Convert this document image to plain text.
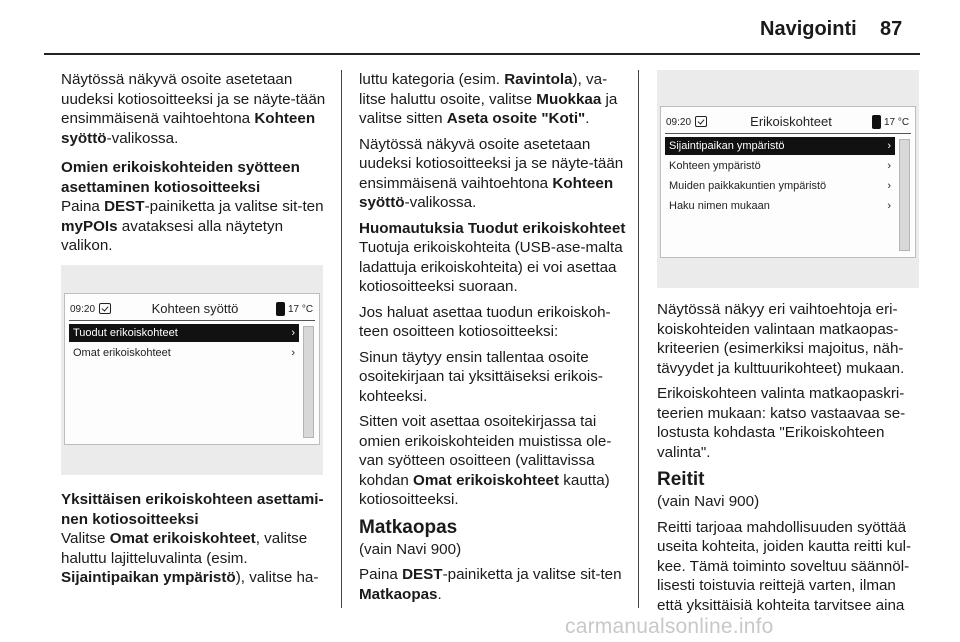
Navigointi 87

Näytössä näkyvä osoite asetetaan uudeksi kotiosoitteeksi ja se näyte-tään ensimmäisenä vaihtoehtona Kohteen syöttö-valikossa.

Omien erikoiskohteiden syötteen asettaminen kotiosoitteeksi

Paina DEST-painiketta ja valitse sit-ten myPOIs avataksesi alla näytetyn valikon.

09:20	Kohteen syöttö	17 °C
Tuodut erikoiskohteet	›
Omat erikoiskohteet	›

Yksittäisen erikoiskohteen asettami-nen kotiosoitteeksi

Valitse Omat erikoiskohteet, valitse haluttu lajitteluvalinta (esim. Sijaintipaikan ympäristö), valitse ha-

luttu kategoria (esim. Ravintola), va-litse haluttu osoite, valitse Muokkaa ja valitse sitten Aseta osoite "Koti".

Näytössä näkyvä osoite asetetaan uudeksi kotiosoitteeksi ja se näyte-tään ensimmäisenä vaihtoehtona Kohteen syöttö-valikossa.

Huomautuksia Tuodut erikoiskohteet

Tuotuja erikoiskohteita (USB-ase-malta ladattuja erikoiskohteita) ei voi asettaa kotiosoitteeksi suoraan.

Jos haluat asettaa tuodun erikoiskoh-teen osoitteen kotiosoitteeksi:

Sinun täytyy ensin tallentaa osoite osoitekirjaan tai yksittäiseksi erikois-kohteeksi.

Sitten voit asettaa osoitekirjassa tai omien erikoiskohteiden muistissa ole-van syötteen osoitteen (valittavissa kohdan Omat erikoiskohteet kautta) kotiosoitteeksi.

Matkaopas

(vain Navi 900)

Paina DEST-painiketta ja valitse sit-ten Matkaopas.

09:20	Erikoiskohteet	17 °C
Sijaintipaikan ympäristö	›
Kohteen ympäristö	›
Muiden paikkakuntien ympäristö	›
Haku nimen mukaan	›

Näytössä näkyy eri vaihtoehtoja eri-koiskohteiden valintaan matkaopas-kriteerien (esimerkiksi majoitus, näh-tävyydet ja kulttuurikohteet) mukaan.

Erikoiskohteen valinta matkaopaskri-teerien mukaan: katso vastaavaa se-lostusta kohdasta "Erikoiskohteen valinta".

Reitit

(vain Navi 900)

Reitti tarjoaa mahdollisuuden syöttää useita kohteita, joiden kautta reitti kul-kee. Tämä toiminto soveltuu säännöl-lisesti toistuvia reittejä varten, ilman että yksittäisiä kohteita tarvitsee aina

carmanualsonline.info
